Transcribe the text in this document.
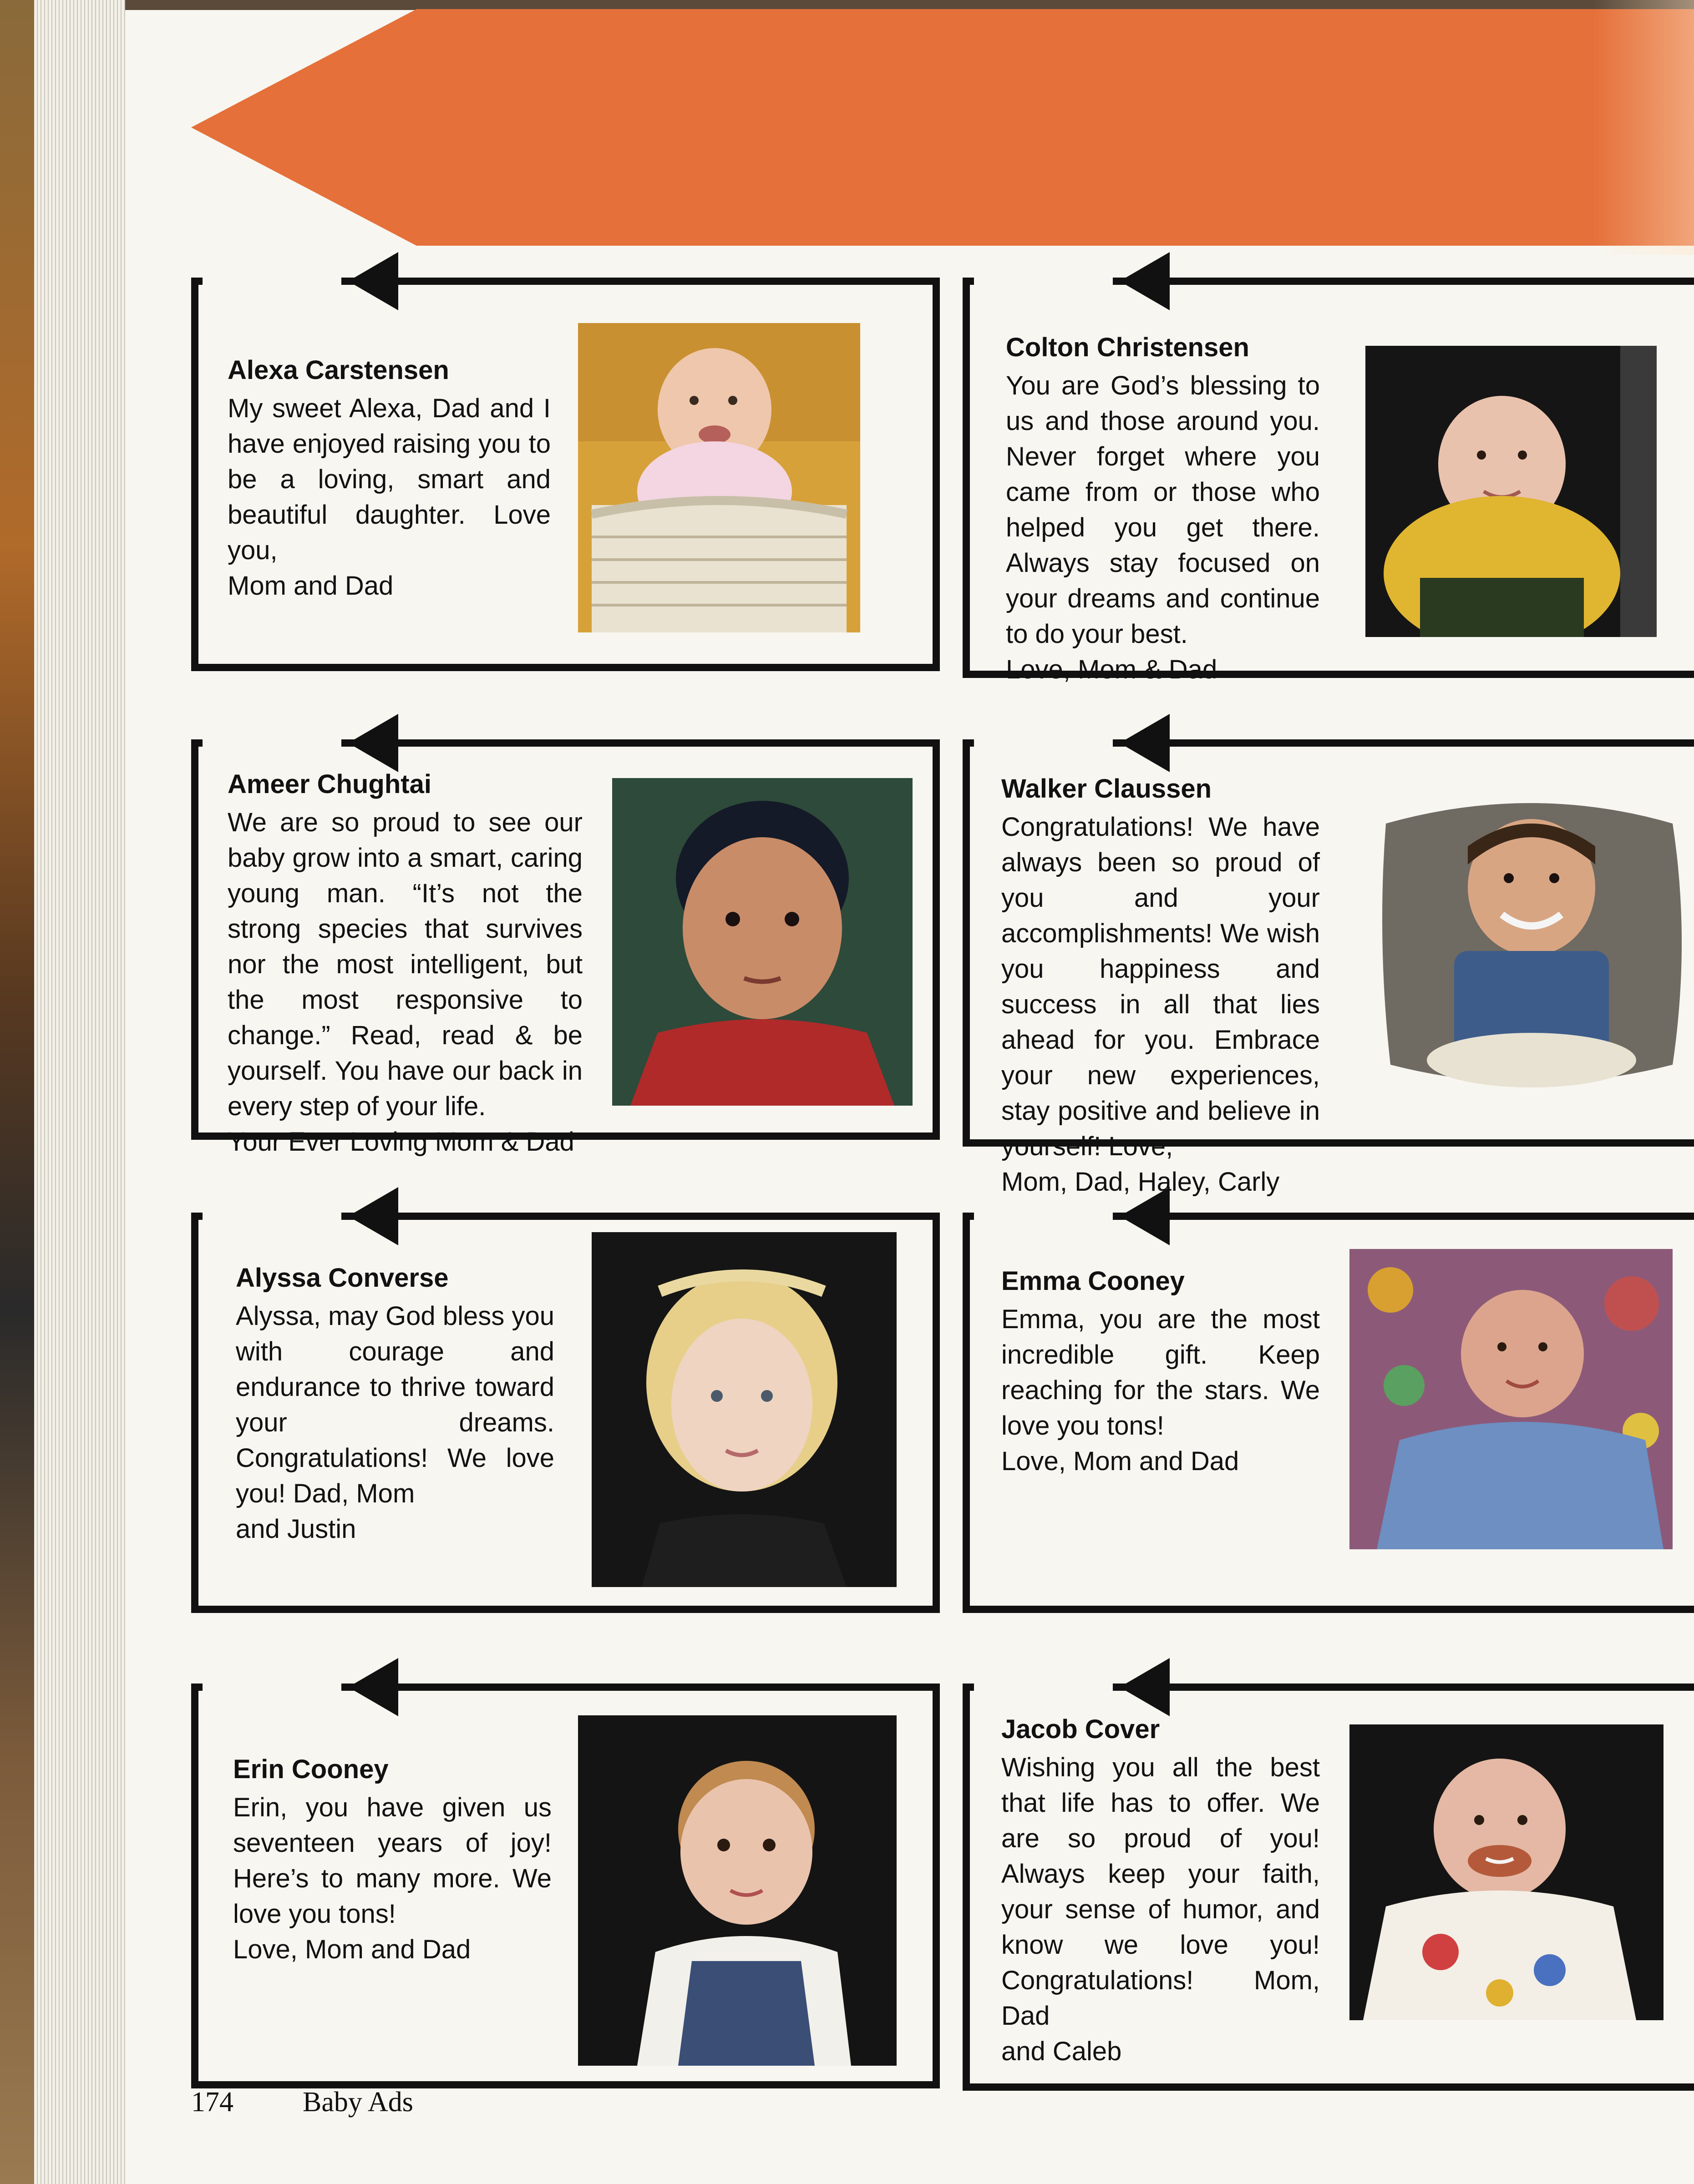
Alexa Carstensen
My sweet Alexa, Dad and I have enjoyed raising you to be a loving, smart and beautiful daughter. Love you,
Mom and Dad
Colton Christensen
You are God’s blessing to us and those around you. Never forget where you came from or those who helped you get there. Always stay focused on your dreams and continue to do your best.
Love, Mom & Dad
Ameer Chughtai
We are so proud to see our baby grow into a smart, caring young man. “It’s not the strong species that survives nor the most intelligent, but the most responsive to change.” Read, read & be yourself. You have our back in every step of your life.
Your Ever Loving Mom & Dad
Walker Claussen
Congratulations! We have always been so proud of you and your accomplishments! We wish you happiness and success in all that lies ahead for you. Embrace your new experiences, stay positive and believe in yourself! Love,
Mom, Dad, Haley, Carly
Alyssa Converse
Alyssa, may God bless you with courage and endurance to thrive toward your dreams. Congratulations! We love you! Dad, Mom
and Justin
Emma Cooney
Emma, you are the most incredible gift. Keep reaching for the stars. We love you tons!
Love, Mom and Dad
Erin Cooney
Erin, you have given us seventeen years of joy! Here’s to many more. We love you tons!
Love, Mom and Dad
Jacob Cover
Wishing you all the best that life has to offer. We are so proud of you! Always keep your faith, your sense of humor, and know we love you! Congratulations! Mom, Dad
and Caleb
174 Baby Ads
